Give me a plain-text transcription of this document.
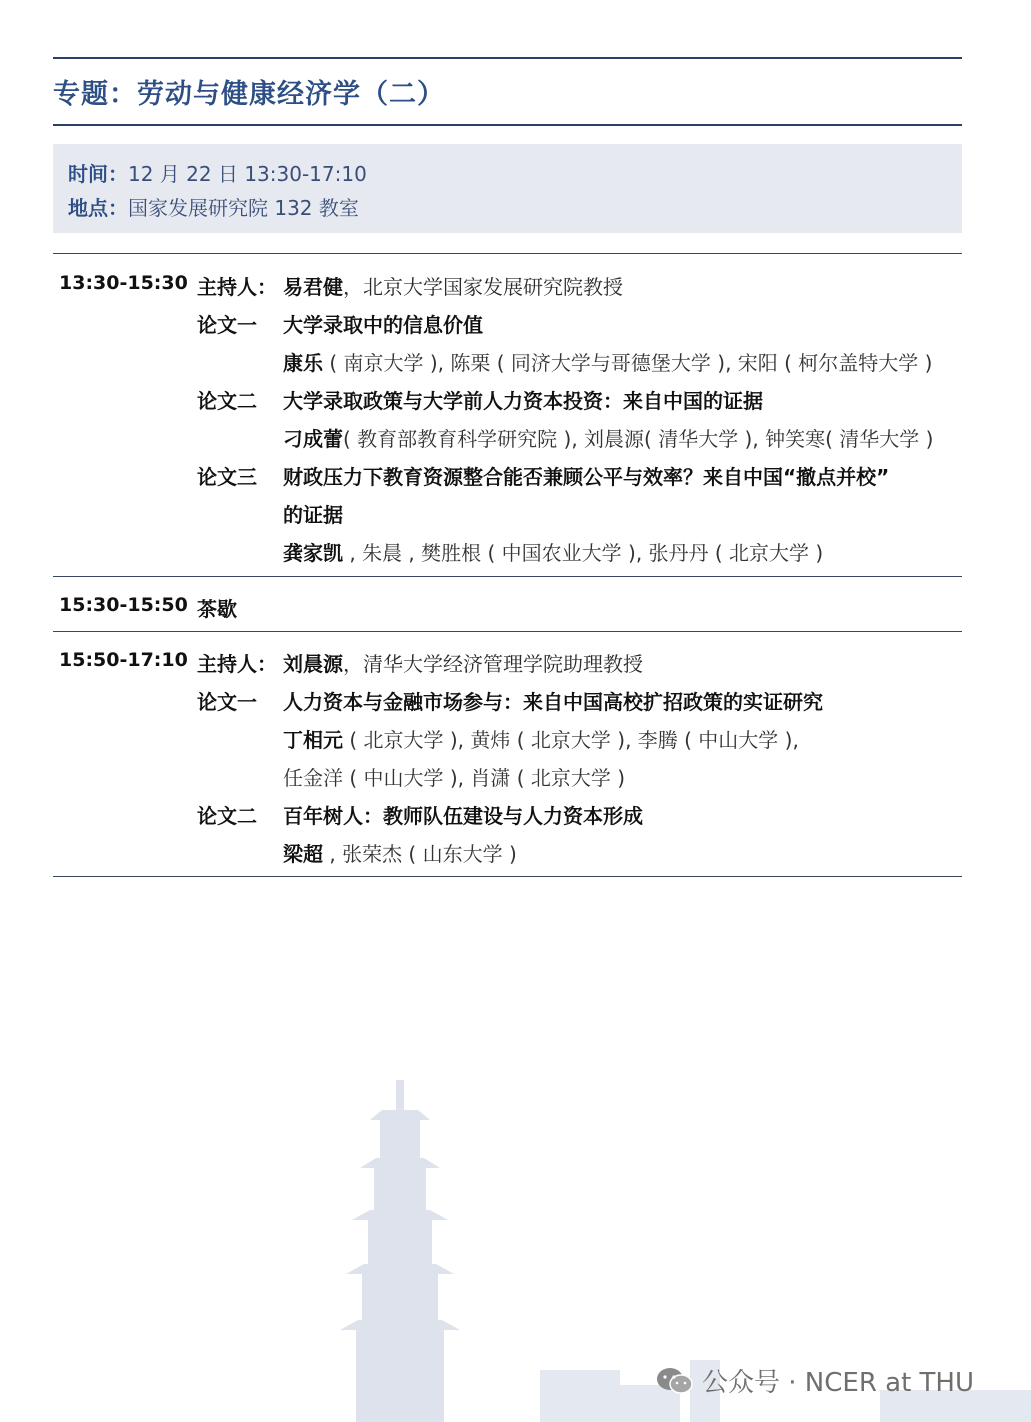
专题：劳动与健康经济学（二）
时间：12 月 22 日 13:30-17:10
地点：国家发展研究院 132 教室
13:30-15:30 主持人： 易君健，北京大学国家发展研究院教授
论文一 大学录取中的信息价值
康乐 ( 南京大学 ), 陈栗 ( 同济大学与哥德堡大学 ), 宋阳 ( 柯尔盖特大学 )
论文二 大学录取政策与大学前人力资本投资：来自中国的证据
刁成蕾( 教育部教育科学研究院 ), 刘晨源( 清华大学 ), 钟笑寒( 清华大学 )
论文三 财政压力下教育资源整合能否兼顾公平与效率？来自中国“撤点并校”
的证据
龚家凯 , 朱晨 , 樊胜根 ( 中国农业大学 ), 张丹丹 ( 北京大学 )
15:30-15:50 茶歇
15:50-17:10 主持人： 刘晨源，清华大学经济管理学院助理教授
论文一 人力资本与金融市场参与：来自中国高校扩招政策的实证研究
丁相元 ( 北京大学 ), 黄炜 ( 北京大学 ), 李腾 ( 中山大学 ),
任金洋 ( 中山大学 ), 肖潇 ( 北京大学 )
论文二 百年树人：教师队伍建设与人力资本形成
梁超 , 张荣杰 ( 山东大学 )
公众号 · NCER at THU
